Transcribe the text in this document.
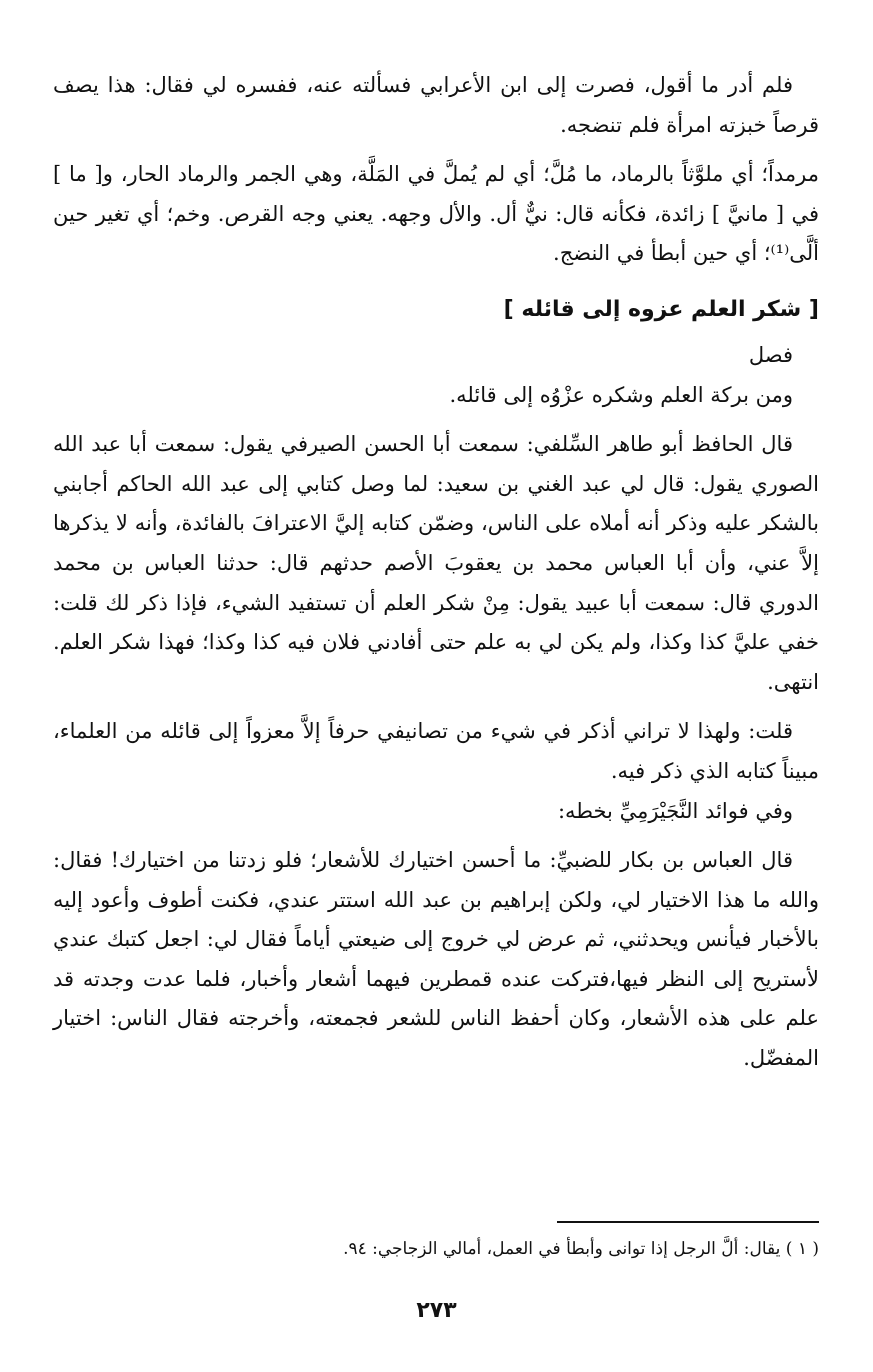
فلم أدر ما أقول، فصرت إلى ابن الأعرابي فسألته عنه، ففسره لي فقال: هذا يصف قرصاً خبزته امرأة فلم تنضجه.

مرمداً؛ أي ملوَّثاً بالرماد، ما مُلَّ؛ أي لم يُملَّ في المَلَّة، وهي الجمر والرماد الحار، و[ ما ] في [ مانيَّ ] زائدة، فكأنه قال: نيٌّ أل. والأل وجهه. يعني وجه القرص. وخم؛ أي تغير حين ألَّى⁽¹⁾؛ أي حين أبطأ في النضج.

[ شكر العلم عزوه إلى قائله ]

فصل

ومن بركة العلم وشكره عزْوُه إلى قائله.

قال الحافظ أبو طاهر السِّلفي: سمعت أبا الحسن الصيرفي يقول: سمعت أبا عبد الله الصوري يقول: قال لي عبد الغني بن سعيد: لما وصل كتابي إلى عبد الله الحاكم أجابني بالشكر عليه وذكر أنه أملاه على الناس، وضمّن كتابه إليَّ الاعترافَ بالفائدة، وأنه لا يذكرها إلاَّ عني، وأن أبا العباس محمد بن يعقوبَ الأصم حدثهم قال: حدثنا العباس بن محمد الدوري قال: سمعت أبا عبيد يقول: مِنْ شكر العلم أن تستفيد الشيء، فإذا ذكر لك قلت: خفي عليَّ كذا وكذا، ولم يكن لي به علم حتى أفادني فلان فيه كذا وكذا؛ فهذا شكر العلم. انتهى.

قلت: ولهذا لا تراني أذكر في شيء من تصانيفي حرفاً إلاَّ معزواً إلى قائله من العلماء، مبيناً كتابه الذي ذكر فيه.

وفي فوائد النَّجَيْرَمِيِّ بخطه:

قال العباس بن بكار للضبيِّ: ما أحسن اختيارك للأشعار؛ فلو زدتنا من اختيارك! فقال: والله ما هذا الاختيار لي، ولكن إبراهيم بن عبد الله استتر عندي، فكنت أطوف وأعود إليه بالأخبار فيأنس ويحدثني، ثم عرض لي خروج إلى ضيعتي أياماً فقال لي: اجعل كتبك عندي لأستريح إلى النظر فيها،فتركت عنده قمطرين فيهما أشعار وأخبار، فلما عدت وجدته قد علم على هذه الأشعار، وكان أحفظ الناس للشعر فجمعته، وأخرجته فقال الناس: اختيار المفضّل.

( ١ ) يقال: ألَّ الرجل إذا توانى وأبطأ في العمل، أمالي الزجاجي: ٩٤.

٢٧٣
